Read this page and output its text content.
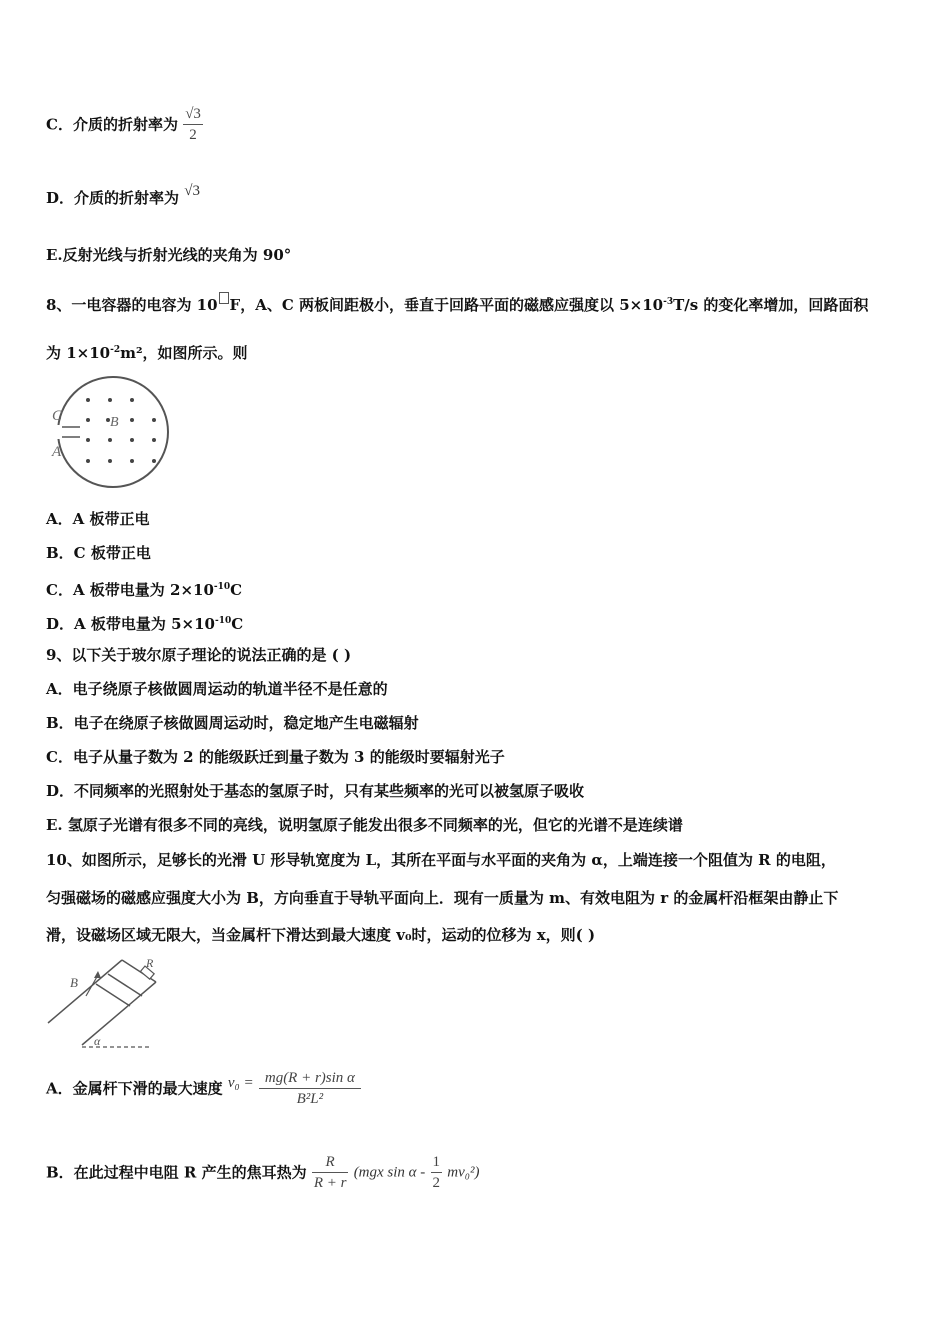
C．介质的折射率为 $\frac{√3}{2}$
D．介质的折射率为 √3
E.反射光线与折射光线的夹角为 90°
8、一电容器的电容为 10 F，A、C 两板间距极小，垂直于回路平面的磁感应强度以 $5\times 10^{-3}T/s$ 的变化率增加，回路面积
为 $1\times 10^{-2}m^2$，如图所示。则
C	B
A
A．A 板带正电
B．C 板带正电
C．A 板带电量为 $2\times 10^{-10}C$
D．A 板带电量为 $5\times 10^{-10}C$
9、以下关于玻尔原子理论的说法正确的是 ( )
A．电子绕原子核做圆周运动的轨道半径不是任意的
B．电子在绕原子核做圆周运动时，稳定地产生电磁辐射
C．电子从量子数为 2 的能级跃迁到量子数为 3 的能级时要辐射光子
D．不同频率的光照射处于基态的氢原子时，只有某些频率的光可以被氢原子吸收
E. 氢原子光谱有很多不同的亮线，说明氢原子能发出很多不同频率的光，但它的光谱不是连续谱
10、如图所示，足够长的光滑 U 形导轨宽度为 L，其所在平面与水平面的夹角为 α，上端连接一个阻值为 R 的电阻，
匀强磁场的磁感应强度大小为 B，方向垂直于导轨平面向上．现有一质量为 m、有效电阻为 r 的金属杆沿框架由静止下
滑，设磁场区域无限大，当金属杆下滑达到最大速度 v₀时，运动的位移为 x，则( )
B
R
α
A．金属杆下滑的最大速度 $v_0 = \frac{\text{mg(R + r)sin α}}{\text{B²L²}}$
B．在此过程中电阻 R 产生的焦耳热为 $\frac{R}{R + r} (mgx$ sin α - $\frac{1}{2} mv_0^2$)
